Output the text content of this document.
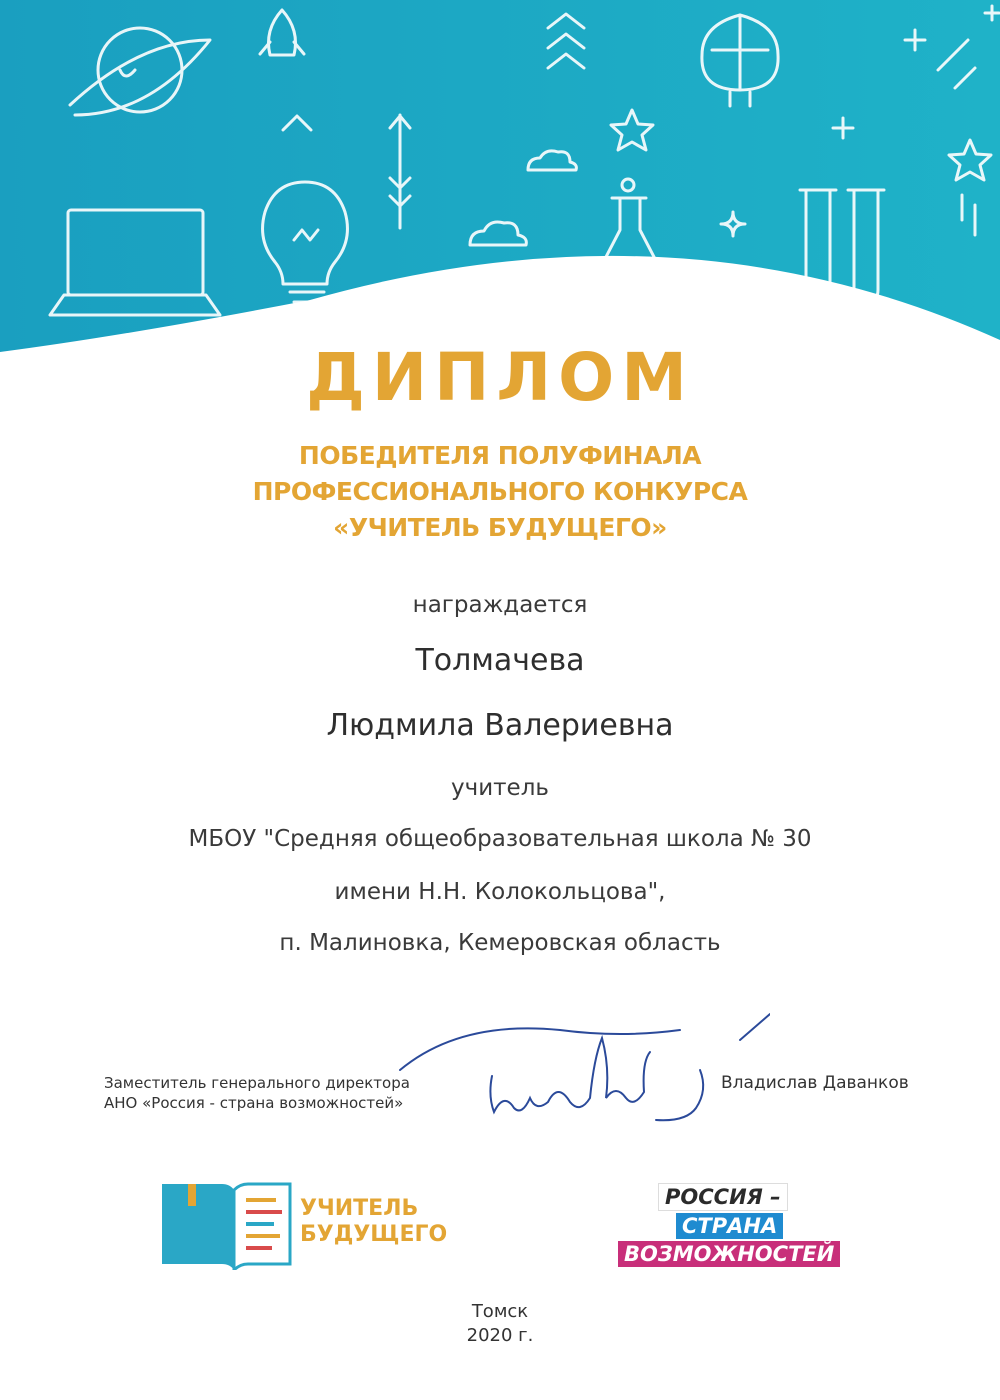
ДИПЛОМ
ПОБЕДИТЕЛЯ ПОЛУФИНАЛА
ПРОФЕССИОНАЛЬНОГО КОНКУРСА
«УЧИТЕЛЬ БУДУЩЕГО»
награждается
Толмачева
Людмила Валериевна
учитель
МБОУ "Средняя общеобразовательная школа № 30
имени Н.Н. Колокольцова",
п. Малиновка, Кемеровская область
Заместитель генерального директора
АНО «Россия - страна возможностей»
Владислав Даванков
УЧИТЕЛЬ
БУДУЩЕГО
РОССИЯ –
СТРАНА
ВОЗМОЖНОСТЕЙ
Томск
2020 г.
